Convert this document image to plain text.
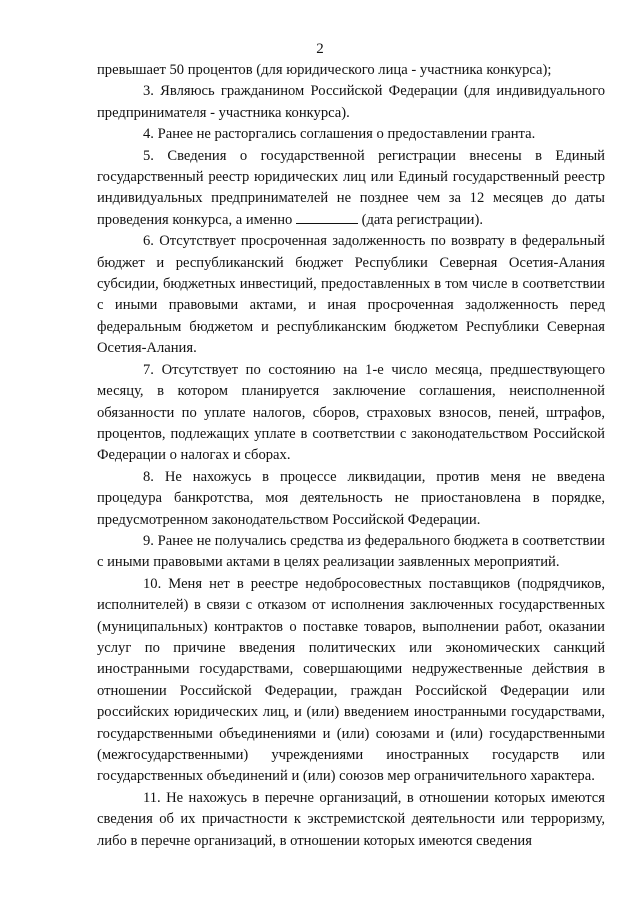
2

превышает 50 процентов (для юридического лица - участника конкурса);

3. Являюсь гражданином Российской Федерации (для индивидуального предпринимателя - участника конкурса).

4. Ранее не расторгались соглашения о предоставлении гранта.

5. Сведения о государственной регистрации внесены в Единый государственный реестр юридических лиц или Единый государственный реестр индивидуальных предпринимателей не позднее чем за 12 месяцев до даты проведения конкурса, а именно	(дата регистрации).

6. Отсутствует просроченная задолженность по возврату в федеральный бюджет и республиканский бюджет Республики Северная Осетия-Алания субсидии, бюджетных инвестиций, предоставленных в том числе в соответствии с иными правовыми актами, и иная просроченная задолженность перед федеральным бюджетом и республиканским бюджетом Республики Северная Осетия-Алания.

7. Отсутствует по состоянию на 1-е число месяца, предшествующего месяцу, в котором планируется заключение соглашения, неисполненной обязанности по уплате налогов, сборов, страховых взносов, пеней, штрафов, процентов, подлежащих уплате в соответствии с законодательством Российской Федерации о налогах и сборах.

8. Не нахожусь в процессе ликвидации, против меня не введена процедура банкротства, моя деятельность не приостановлена в порядке, предусмотренном законодательством Российской Федерации.

9. Ранее не получались средства из федерального бюджета в соответствии с иными правовыми актами в целях реализации заявленных мероприятий.

10. Меня нет в реестре недобросовестных поставщиков (подрядчиков, исполнителей) в связи с отказом от исполнения заключенных государственных (муниципальных) контрактов о поставке товаров, выполнении работ, оказании услуг по причине введения политических или экономических санкций иностранными государствами, совершающими недружественные действия в отношении Российской Федерации, граждан Российской Федерации или российских юридических лиц, и (или) введением иностранными государствами, государственными объединениями и (или) союзами и (или) государственными (межгосударственными) учреждениями иностранных государств или государственных объединений и (или) союзов мер ограничительного характера.

11. Не нахожусь в перечне организаций, в отношении которых имеются сведения об их причастности к экстремистской деятельности или терроризму, либо в перечне организаций, в отношении которых имеются сведения
